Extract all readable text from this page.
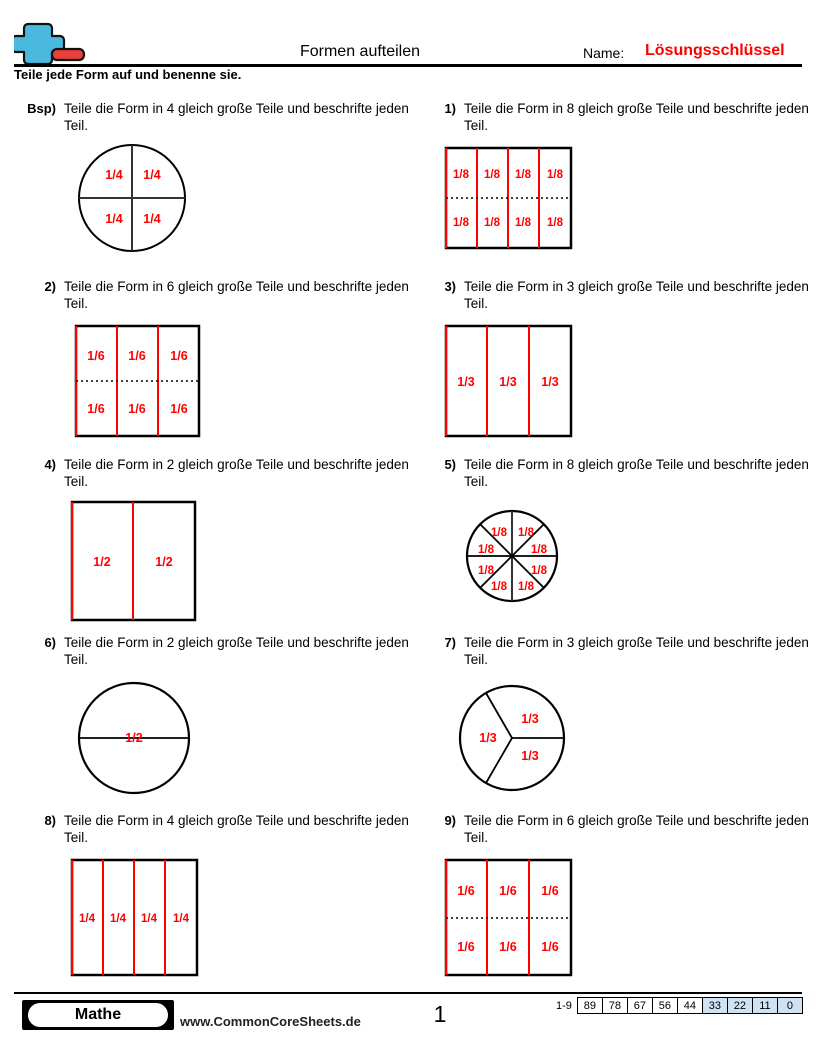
Formen aufteilen	Name: Lösungsschlüssel
Teile jede Form auf und benenne sie.
Bsp) Teile die Form in 4 gleich große Teile und beschrifte jeden Teil.
1/4 1/4
1/4 1/4
1) Teile die Form in 8 gleich große Teile und beschrifte jeden Teil.
1/8 1/8 1/8 1/8
1/8 1/8 1/8 1/8
2) Teile die Form in 6 gleich große Teile und beschrifte jeden Teil.
1/6 1/6 1/6
1/6 1/6 1/6
3) Teile die Form in 3 gleich große Teile und beschrifte jeden Teil.
1/3 1/3 1/3
4) Teile die Form in 2 gleich große Teile und beschrifte jeden Teil.
1/2	1/2
5) Teile die Form in 8 gleich große Teile und beschrifte jeden Teil.
1/8 1/8
1/8	1/8
1/8	1/8
1/8 1/8
6) Teile die Form in 2 gleich große Teile und beschrifte jeden Teil.
1/2
7) Teile die Form in 3 gleich große Teile und beschrifte jeden Teil.
1/3
1/3
1/3
8) Teile die Form in 4 gleich große Teile und beschrifte jeden Teil.
1/4 1/4 1/4 1/4
9) Teile die Form in 6 gleich große Teile und beschrifte jeden Teil.
1/6 1/6 1/6
1/6 1/6 1/6
Mathe	www.CommonCoreSheets.de	1	1-9	89	78	67	56	44	33	22	11	0
